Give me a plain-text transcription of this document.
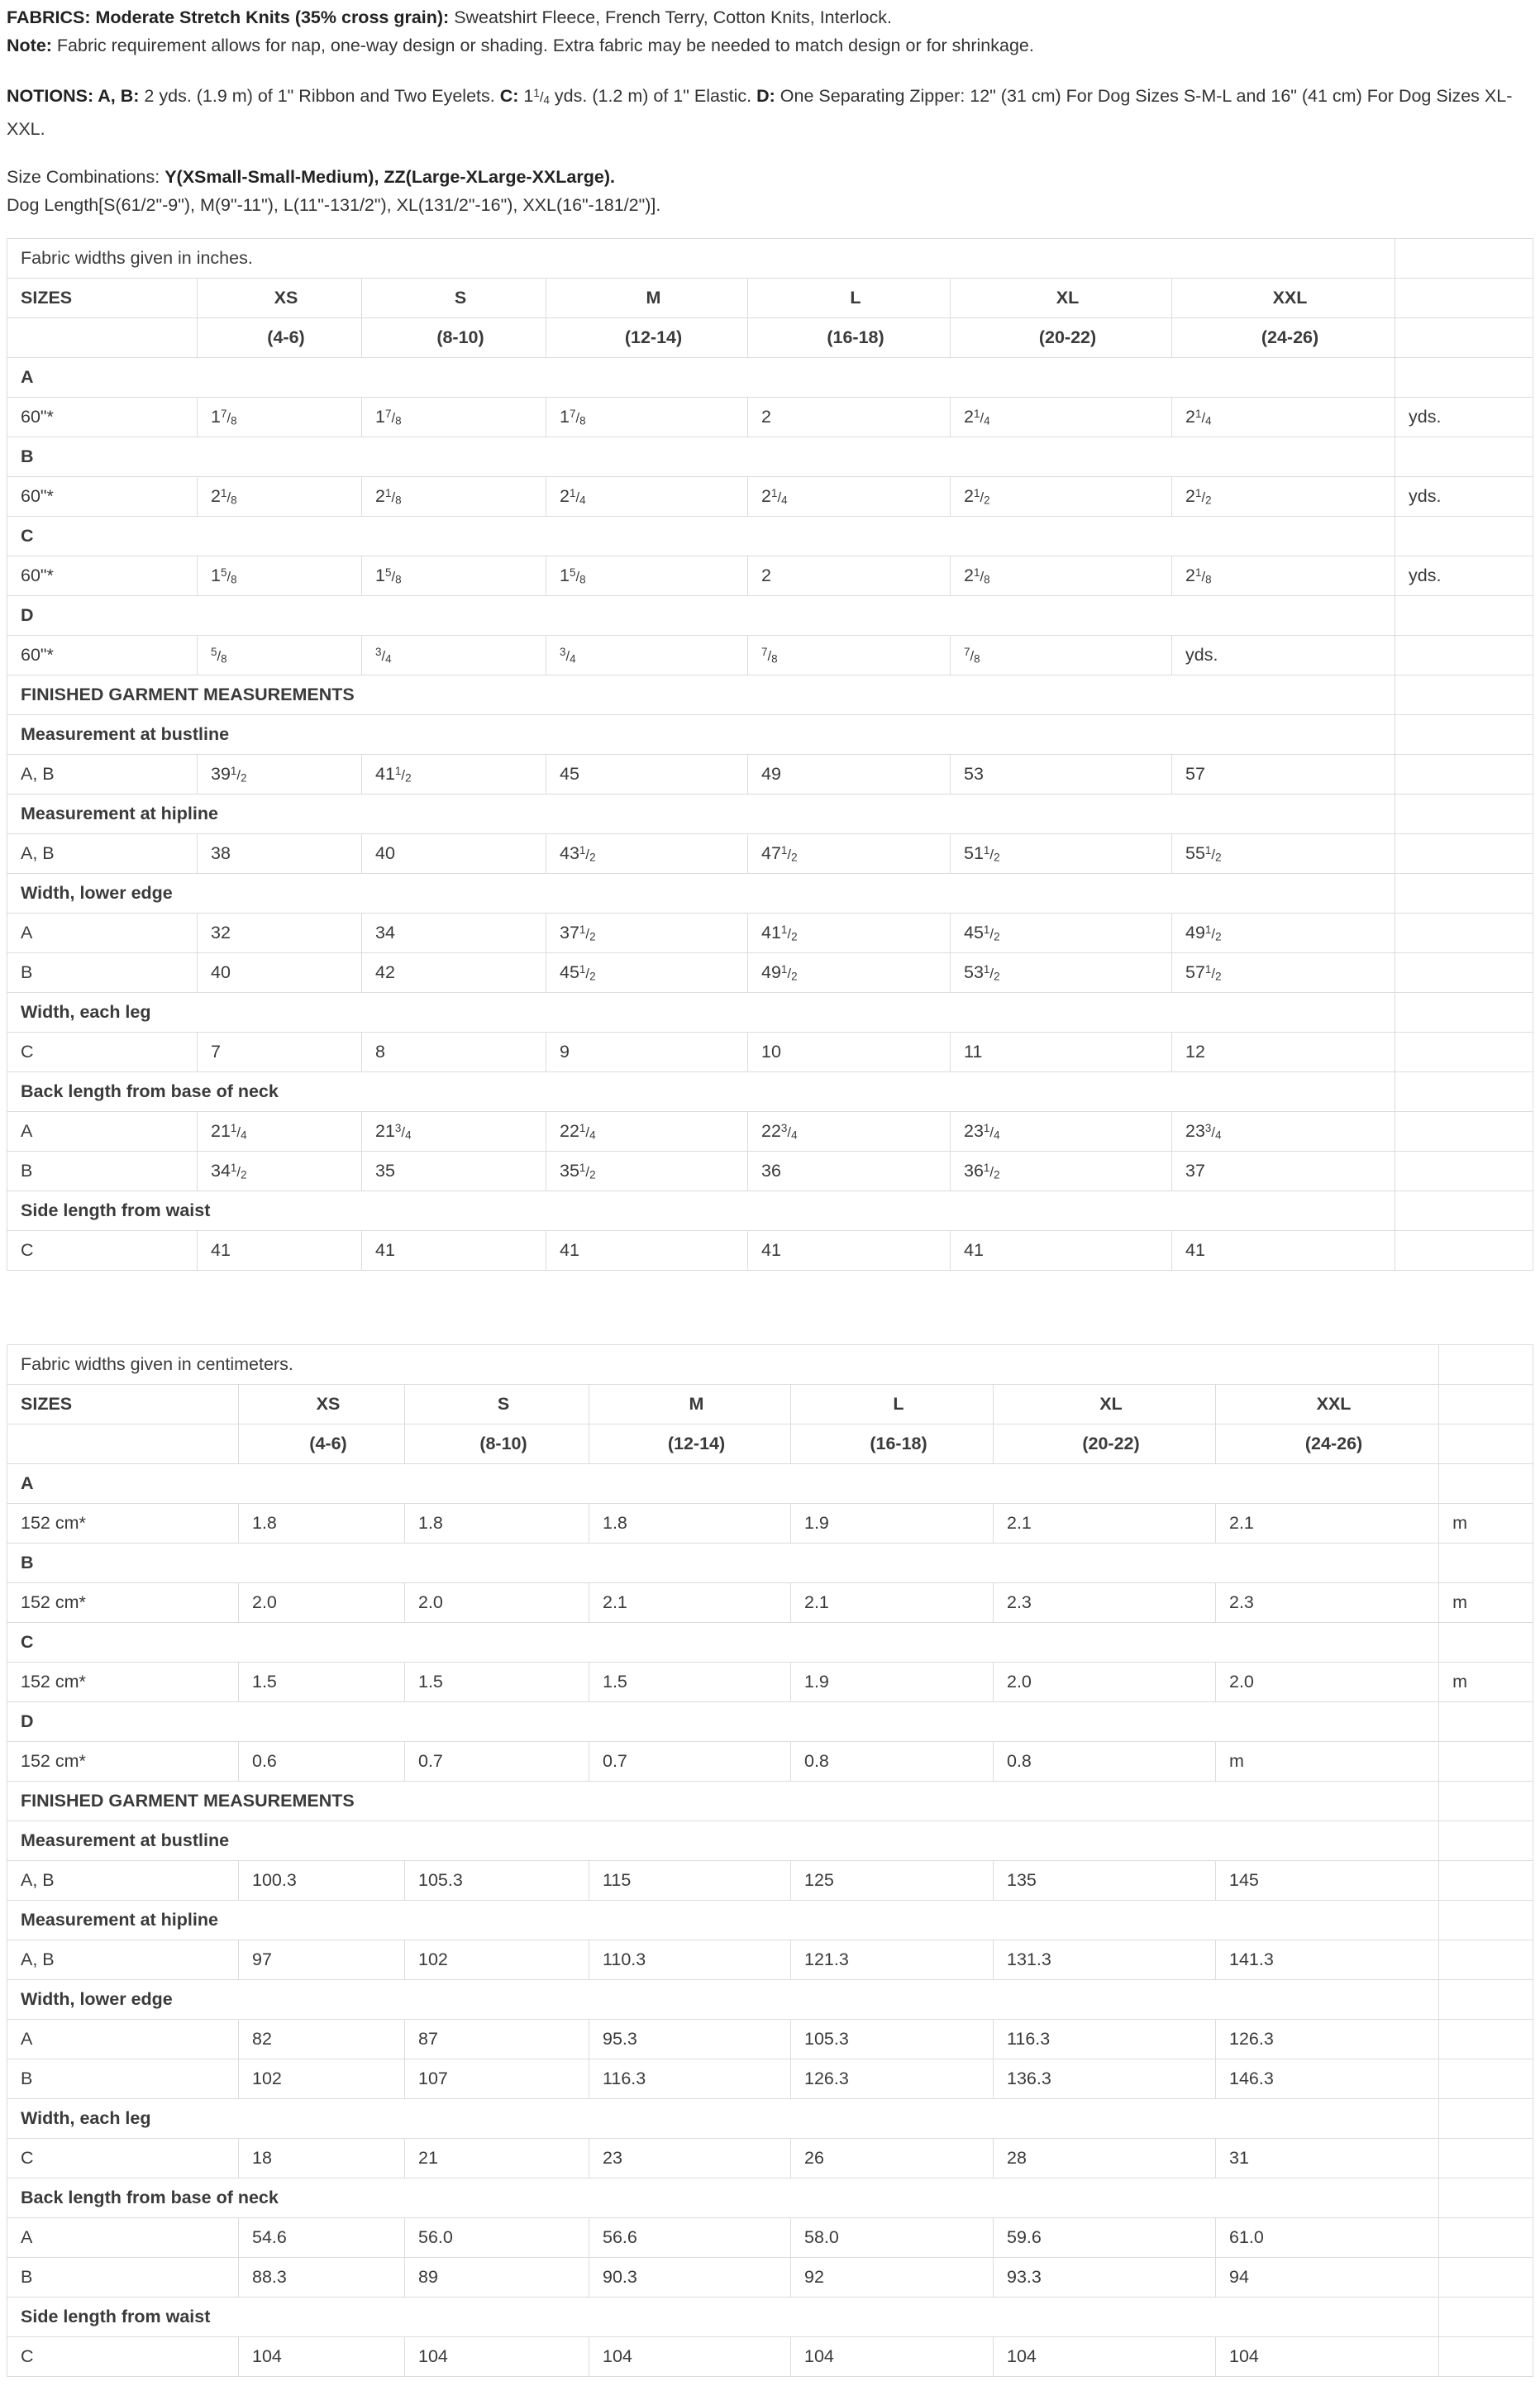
FABRICS: Moderate Stretch Knits (35% cross grain): Sweatshirt Fleece, French Terry, Cotton Knits, Interlock.

Note: Fabric requirement allows for nap, one-way design or shading. Extra fabric may be needed to match design or for shrinkage.

NOTIONS: A, B: 2 yds. (1.9 m) of 1" Ribbon and Two Eyelets. C: $1^1/4$ yds. (1.2 m) of 1" Elastic. D: One Separating Zipper: 12" (31 cm) For Dog Sizes S-M-L and 16" (41 cm) For Dog Sizes XL-XXL.

Size Combinations: Y(XSmall-Small-Medium), ZZ(Large-XLarge-XXLarge).

Dog Length[S(61/2"-9"), M(9"-11"), L(11"-131/2"), XL(131/2"-16"), XXL(16"-181/2")].

Fabric widths given in inches.							
SIZES	XS	S	M	L	XL	XXL	
	(4-6)	(8-10)	(12-14)	(16-18)	(20-22)	(24-26)	
A							
60"*	$1^7/8$	$1^7/8$	$1^7/8$	2	$2^1/4$	$2^1/4$	yds.
B							
60"*	$2^1/8$	$2^1/8$	$2^1/4$	$2^1/4$	$2^1/2$	$2^1/2$	yds.
C							
60"*	$1^5/8$	$1^5/8$	$1^5/8$	2	$2^1/8$	$2^1/8$	yds.
D							
60"*	$^5$/8	$^3$/4	$^3$/4	$^7$/8	$^7$/8	yds.	
FINISHED GARMENT MEASUREMENTS							
Measurement at bustline							
A, B	$39^1/2$	$41^1/2$	45	49	53	57	
Measurement at hipline							
A, B	38	40	$43^1/2$	$47^1/2$	$51^1/2$	$55^1/2$	
Width, lower edge							
A	32	34	$37^1/2$	$41^1/2$	$45^1/2$	$49^1/2$	
B	40	42	$45^1/2$	$49^1/2$	$53^1/2$	$57^1/2$	
Width, each leg							
C	7	8	9	10	11	12	
Back length from base of neck							
A	$21^1/4$	$21^3/4$	$22^1/4$	$22^3/4$	$23^1/4$	$23^3/4$	
B	$34^1/2$	35	$35^1/2$	36	$36^1/2$	37	
Side length from waist							
C	41	41	41	41	41	41	
Fabric widths given in centimeters.							
SIZES	XS	S	M	L	XL	XXL	
	(4-6)	(8-10)	(12-14)	(16-18)	(20-22)	(24-26)	
A							
152 cm*	1.8	1.8	1.8	1.9	2.1	2.1	m
B							
152 cm*	2.0	2.0	2.1	2.1	2.3	2.3	m
C							
152 cm*	1.5	1.5	1.5	1.9	2.0	2.0	m
D							
152 cm*	0.6	0.7	0.7	0.8	0.8	m	
FINISHED GARMENT MEASUREMENTS							
Measurement at bustline							
A, B	100.3	105.3	115	125	135	145	
Measurement at hipline							
A, B	97	102	110.3	121.3	131.3	141.3	
Width, lower edge							
A	82	87	95.3	105.3	116.3	126.3	
B	102	107	116.3	126.3	136.3	146.3	
Width, each leg							
C	18	21	23	26	28	31	
Back length from base of neck							
A	54.6	56.0	56.6	58.0	59.6	61.0	
B	88.3	89	90.3	92	93.3	94	
Side length from waist							
C	104	104	104	104	104	104	
